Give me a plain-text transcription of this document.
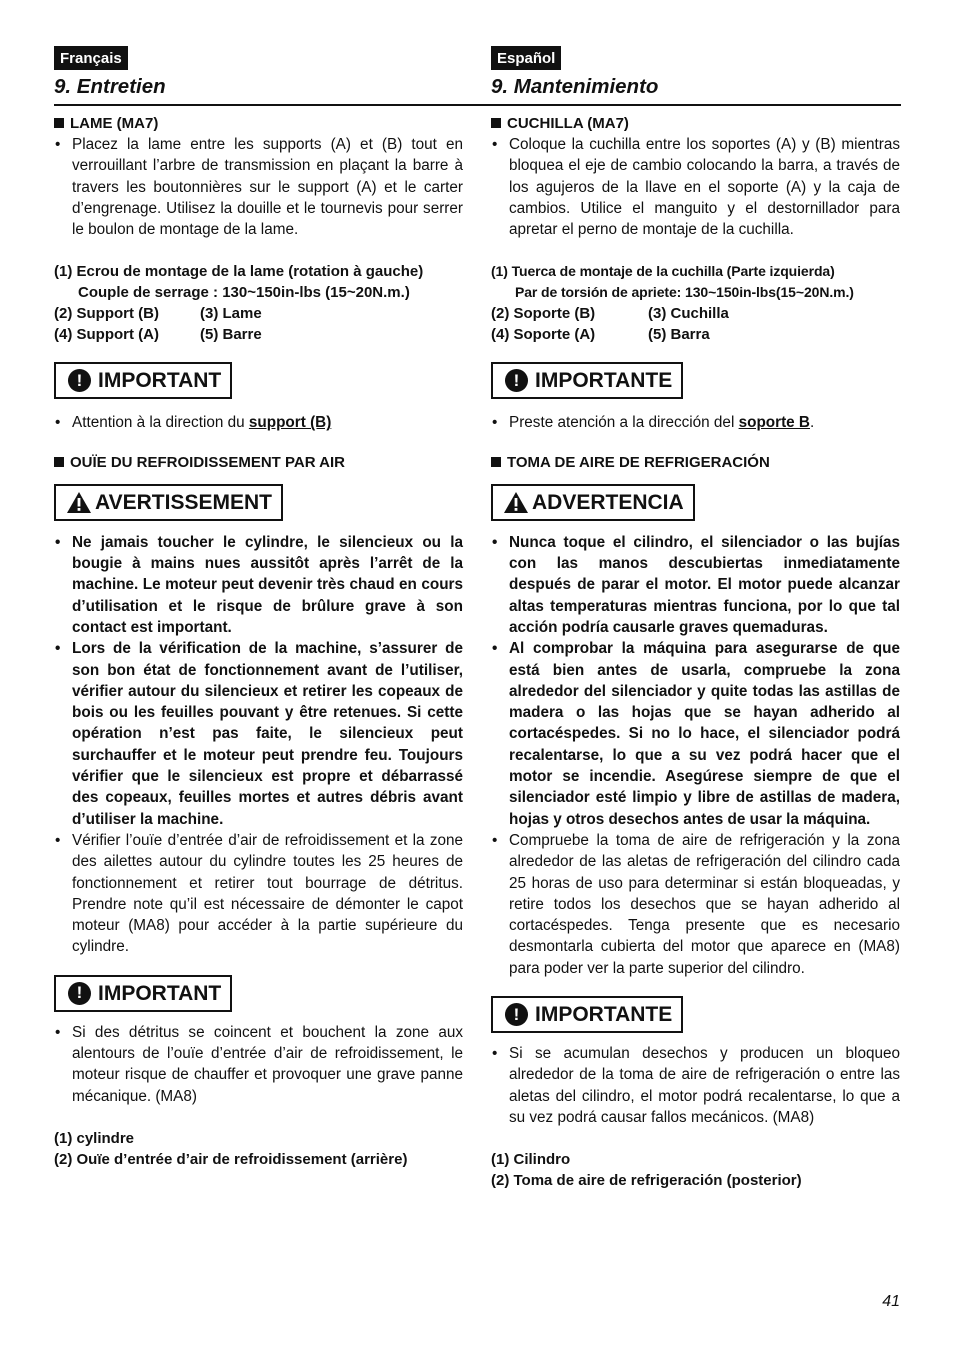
Français
9. Entretien
LAME (MA7)
• Placez la lame entre les supports (A) et (B) tout en verrouillant l’arbre de transmission en plaçant la barre à travers les boutonnières sur le support (A) et le carter d’engrenage. Utilisez la douille et le tournevis pour serrer le boulon de montage de la lame.
(1) Ecrou de montage de la lame (rotation à gauche)
Couple de serrage : 130~150in-lbs (15~20N.m.)
(2) Support (B)	(3) Lame
(4) Support (A)	(5) Barre
! IMPORTANT
• Attention à la direction du support (B)
OUÏE DU REFROIDISSEMENT PAR AIR
AVERTISSEMENT
• Ne jamais toucher le cylindre, le silencieux ou la bougie à mains nues aussitôt après l’arrêt de la machine. Le moteur peut devenir très chaud en cours d’utilisation et le risque de brûlure grave à son contact est important.
• Lors de la vérification de la machine, s’assurer de son bon état de fonctionnement avant de l’utiliser, vérifier autour du silencieux et retirer les copeaux de bois ou les feuilles pouvant y être retenues. Si cette opération n’est pas faite, le silencieux peut surchauffer et le moteur peut prendre feu. Toujours vérifier que le silencieux est propre et débarrassé des copeaux, feuilles mortes et autres débris avant d’utiliser la machine.
• Vérifier l’ouïe d’entrée d’air de refroidissement et la zone des ailettes autour du cylindre toutes les 25 heures de fonctionnement et retirer tout bourrage de détritus. Prendre note qu’il est nécessaire de démonter le capot moteur (MA8) pour accéder à la partie supérieure du cylindre.
! IMPORTANT
• Si des détritus se coincent et bouchent la zone aux alentours de l’ouïe d’entrée d’air de refroidissement, le moteur risque de chauffer et provoquer une grave panne mécanique. (MA8)
(1) cylindre
(2) Ouïe d’entrée d’air de refroidissement (arrière)
Español
9. Mantenimiento
CUCHILLA (MA7)
• Coloque la cuchilla entre los soportes (A) y (B) mientras bloquea el eje de cambio colocando la barra, a través de los agujeros de la llave en el soporte (A) y la caja de cambios. Utilice el manguito y el destornillador para apretar el perno de montaje de la cuchilla.
(1) Tuerca de montaje de la cuchilla (Parte izquierda)
Par de torsión de apriete: 130~150in-lbs(15~20N.m.)
(2) Soporte (B)	(3) Cuchilla
(4) Soporte (A)	(5) Barra
! IMPORTANTE
• Preste atención a la dirección del soporte B.
TOMA DE AIRE DE REFRIGERACIÓN
ADVERTENCIA
• Nunca toque el cilindro, el silenciador o las bujías con las manos descubiertas inmediatamente después de parar el motor. El motor puede alcanzar altas temperaturas mientras funciona, por lo que tal acción podría causarle graves quemaduras.
• Al comprobar la máquina para asegurarse de que está bien antes de usarla, compruebe la zona alrededor del silenciador y quite todas las astillas de madera o las hojas que se hayan adherido al cortacéspedes. Si no lo hace, el silenciador podrá recalentarse, lo que a su vez podrá hacer que el motor se incendie. Asegúrese siempre de que el silenciador esté limpio y libre de astillas de madera, hojas y otros desechos antes de usar la máquina.
• Compruebe la toma de aire de refrigeración y la zona alrededor de las aletas de refrigeración del cilindro cada 25 horas de uso para determinar si están bloqueadas, y retire todos los desechos que se hayan adherido al cortacéspedes. Tenga presente que es necesario desmontarla cubierta del motor que aparece en (MA8) para poder ver la parte superior del cilindro.
! IMPORTANTE
• Si se acumulan desechos y producen un bloqueo alrededor de la toma de aire de refrigeración o entre las aletas del cilindro, el motor podrá recalentarse, lo que a su vez podrá causar fallos mecánicos. (MA8)
(1) Cilindro
(2) Toma de aire de refrigeración (posterior)
41
